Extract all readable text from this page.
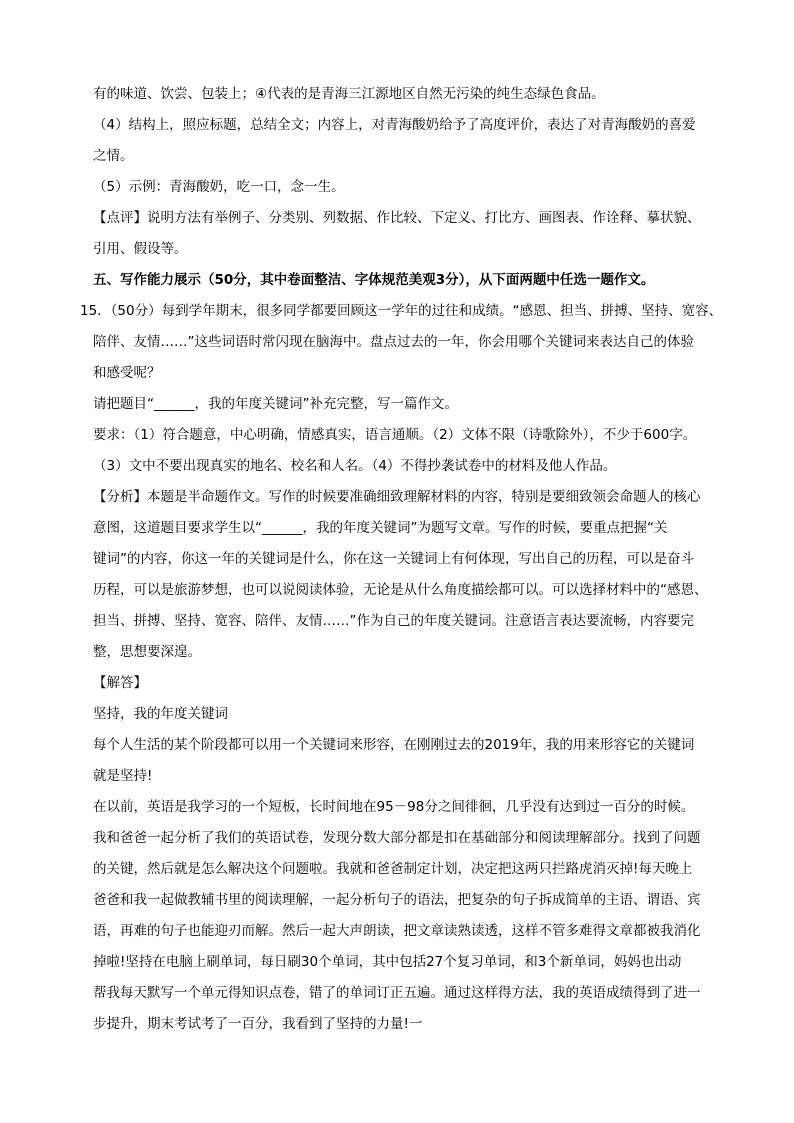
有的味道、饮尝、包装上；④代表的是青海三江源地区自然无污染的纯生态绿色食品。
（4）结构上，照应标题，总结全文；内容上，对青海酸奶给予了高度评价，表达了对青海酸奶的喜爱
之情。
（5）示例：青海酸奶，吃一口，念一生。
【点评】说明方法有举例子、分类别、列数据、作比较、下定义、打比方、画图表、作诠释、摹状貌、
引用、假设等。
五、写作能力展示（50分，其中卷面整洁、字体规范美观3分），从下面两题中任选一题作文。
15．（50分）每到学年期末，很多同学都要回顾这一学年的过往和成绩。“感恩、担当、拼搏、坚持、宽容、
陪伴、友情……”这些词语时常闪现在脑海中。盘点过去的一年，你会用哪个关键词来表达自己的体验
和感受呢？
请把题目“______，我的年度关键词”补充完整，写一篇作文。
要求：（1）符合题意，中心明确，情感真实，语言通顺。（2）文体不限（诗歌除外），不少于600字。
（3）文中不要出现真实的地名、校名和人名。（4）不得抄袭试卷中的材料及他人作品。
【分析】本题是半命题作文。写作的时候要准确细致理解材料的内容，特别是要细致领会命题人的核心
意图，这道题目要求学生以“______，我的年度关键词”为题写文章。写作的时候，要重点把握“关
键词”的内容，你这一年的关键词是什么，你在这一关键词上有何体现，写出自己的历程，可以是奋斗
历程，可以是旅游梦想，也可以说阅读体验，无论是从什么角度描绘都可以。可以选择材料中的“感恩、
担当、拼搏、坚持、宽容、陪伴、友情……”作为自己的年度关键词。注意语言表达要流畅，内容要完
整，思想要深遑。
【解答】
坚持，我的年度关键词
每个人生活的某个阶段都可以用一个关键词来形容，在刚刚过去的2019年，我的用来形容它的关键词
就是坚持!
在以前，英语是我学习的一个短板，长时间地在95－98分之间徘徊，几乎没有达到过一百分的时候。
我和爸爸一起分析了我们的英语试卷，发现分数大部分都是扣在基础部分和阅读理解部分。找到了问题
的关键，然后就是怎么解决这个问题啦。我就和爸爸制定计划，决定把这两只拦路虎消灭掉!每天晚上
爸爸和我一起做教辅书里的阅读理解，一起分析句子的语法，把复杂的句子拆成简单的主语、谓语、宾
语，再难的句子也能迎刃而解。然后一起大声朗读，把文章读熟读透，这样不管多难得文章都被我消化
掉啦!坚持在电脑上刷单词，每日刷30个单词，其中包括27个复习单词，和3个新单词，妈妈也出动
帮我每天默写一个单元得知识点卷，错了的单词订正五遍。通过这样得方法，我的英语成绩得到了进一
步提升，期末考试考了一百分，我看到了坚持的力量!一
